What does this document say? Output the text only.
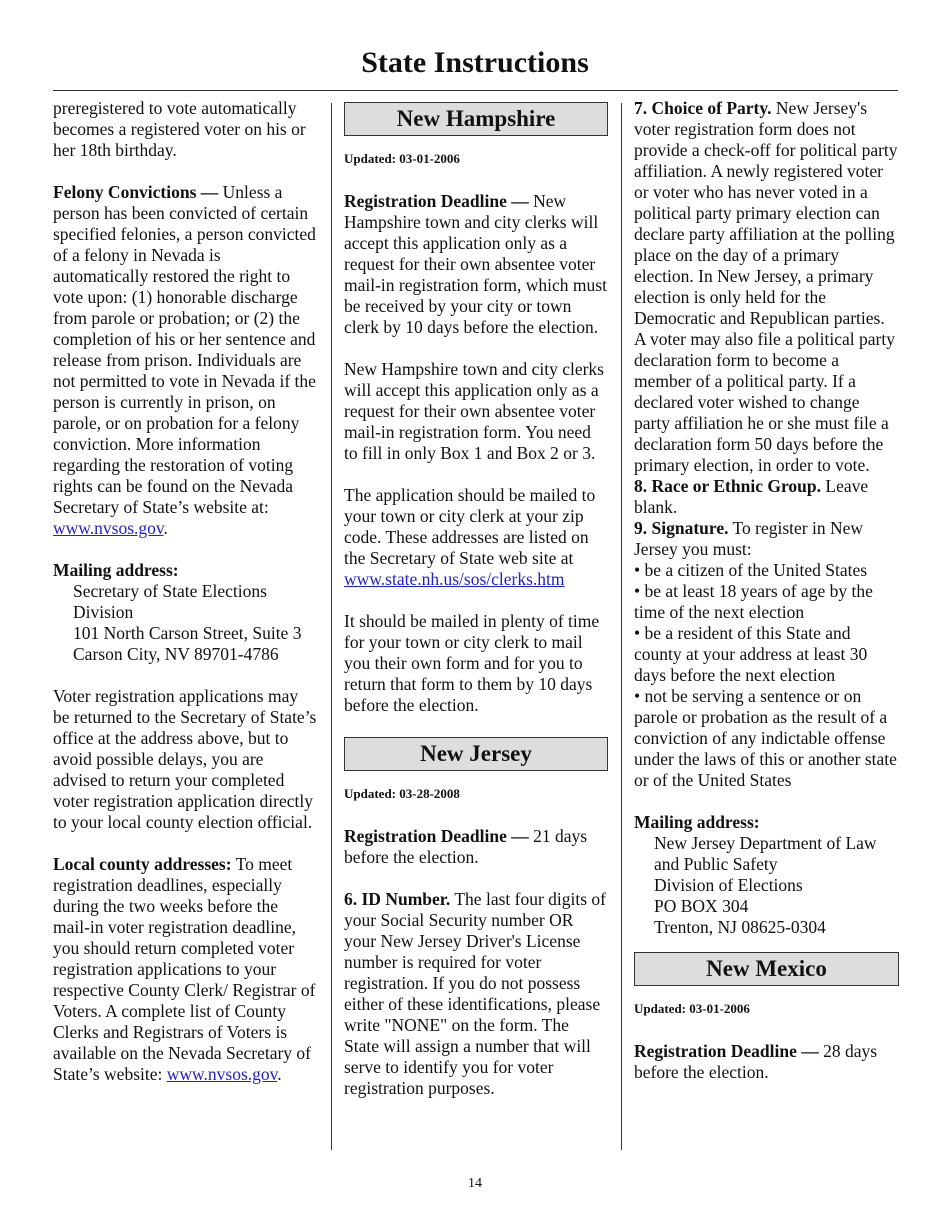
State Instructions

preregistered to vote automatically becomes a registered voter on his or her 18th birthday.

Felony Convictions — Unless a person has been convicted of certain specified felonies, a person convicted of a felony in Nevada is automatically restored the right to vote upon: (1) honorable discharge from parole or probation; or (2) the completion of his or her sentence and release from prison. Individuals are not permitted to vote in Nevada if the person is currently in prison, on parole, or on probation for a felony conviction. More information regarding the restoration of voting rights can be found on the Nevada Secretary of State’s website at: www.nvsos.gov.

Mailing address:

Secretary of State Elections Division
101 North Carson Street, Suite 3
Carson City, NV 89701-4786

Voter registration applications may be returned to the Secretary of State’s office at the address above, but to avoid possible delays, you are advised to return your completed voter registration application directly to your local county election official.

Local county addresses: To meet registration deadlines, especially during the two weeks before the mail-in voter registration deadline, you should return completed voter registration applications to your respective County Clerk/ Registrar of Voters. A complete list of County Clerks and Registrars of Voters is available on the Nevada Secretary of State’s website: www.nvsos.gov.

New Hampshire
Updated: 03-01-2006

Registration Deadline — New Hampshire town and city clerks will accept this application only as a request for their own absentee voter mail-in registration form, which must be received by your city or town clerk by 10 days before the election.

New Hampshire town and city clerks will accept this application only as a request for their own absentee voter mail-in registration form. You need to fill in only Box 1 and Box 2 or 3.

The application should be mailed to your town or city clerk at your zip code. These addresses are listed on the Secretary of State web site at www.state.nh.us/sos/clerks.htm

It should be mailed in plenty of time for your town or city clerk to mail you their own form and for you to return that form to them by 10 days before the election.

New Jersey
Updated: 03-28-2008

Registration Deadline — 21 days before the election.

6. ID Number. The last four digits of your Social Security number OR your New Jersey Driver's License number is required for voter registration. If you do not possess either of these identifications, please write "NONE" on the form. The State will assign a number that will serve to identify you for voter registration purposes.

7. Choice of Party. New Jersey's voter registration form does not provide a check-off for political party affiliation. A newly registered voter or voter who has never voted in a political party primary election can declare party affiliation at the polling place on the day of a primary election. In New Jersey, a primary election is only held for the Democratic and Republican parties. A voter may also file a political party declaration form to become a member of a political party. If a declared voter wished to change party affiliation he or she must file a declaration form 50 days before the primary election, in order to vote.

8. Race or Ethnic Group. Leave blank.

9. Signature. To register in New Jersey you must:

• be a citizen of the United States
• be at least 18 years of age by the time of the next election
• be a resident of this State and county at your address at least 30 days before the next election
• not be serving a sentence or on parole or probation as the result of a conviction of any indictable offense under the laws of this or another state or of the United States

Mailing address:

New Jersey Department of Law
and Public Safety
Division of Elections
PO BOX 304
Trenton, NJ 08625-0304
New Mexico
Updated: 03-01-2006

Registration Deadline — 28 days before the election.

14
